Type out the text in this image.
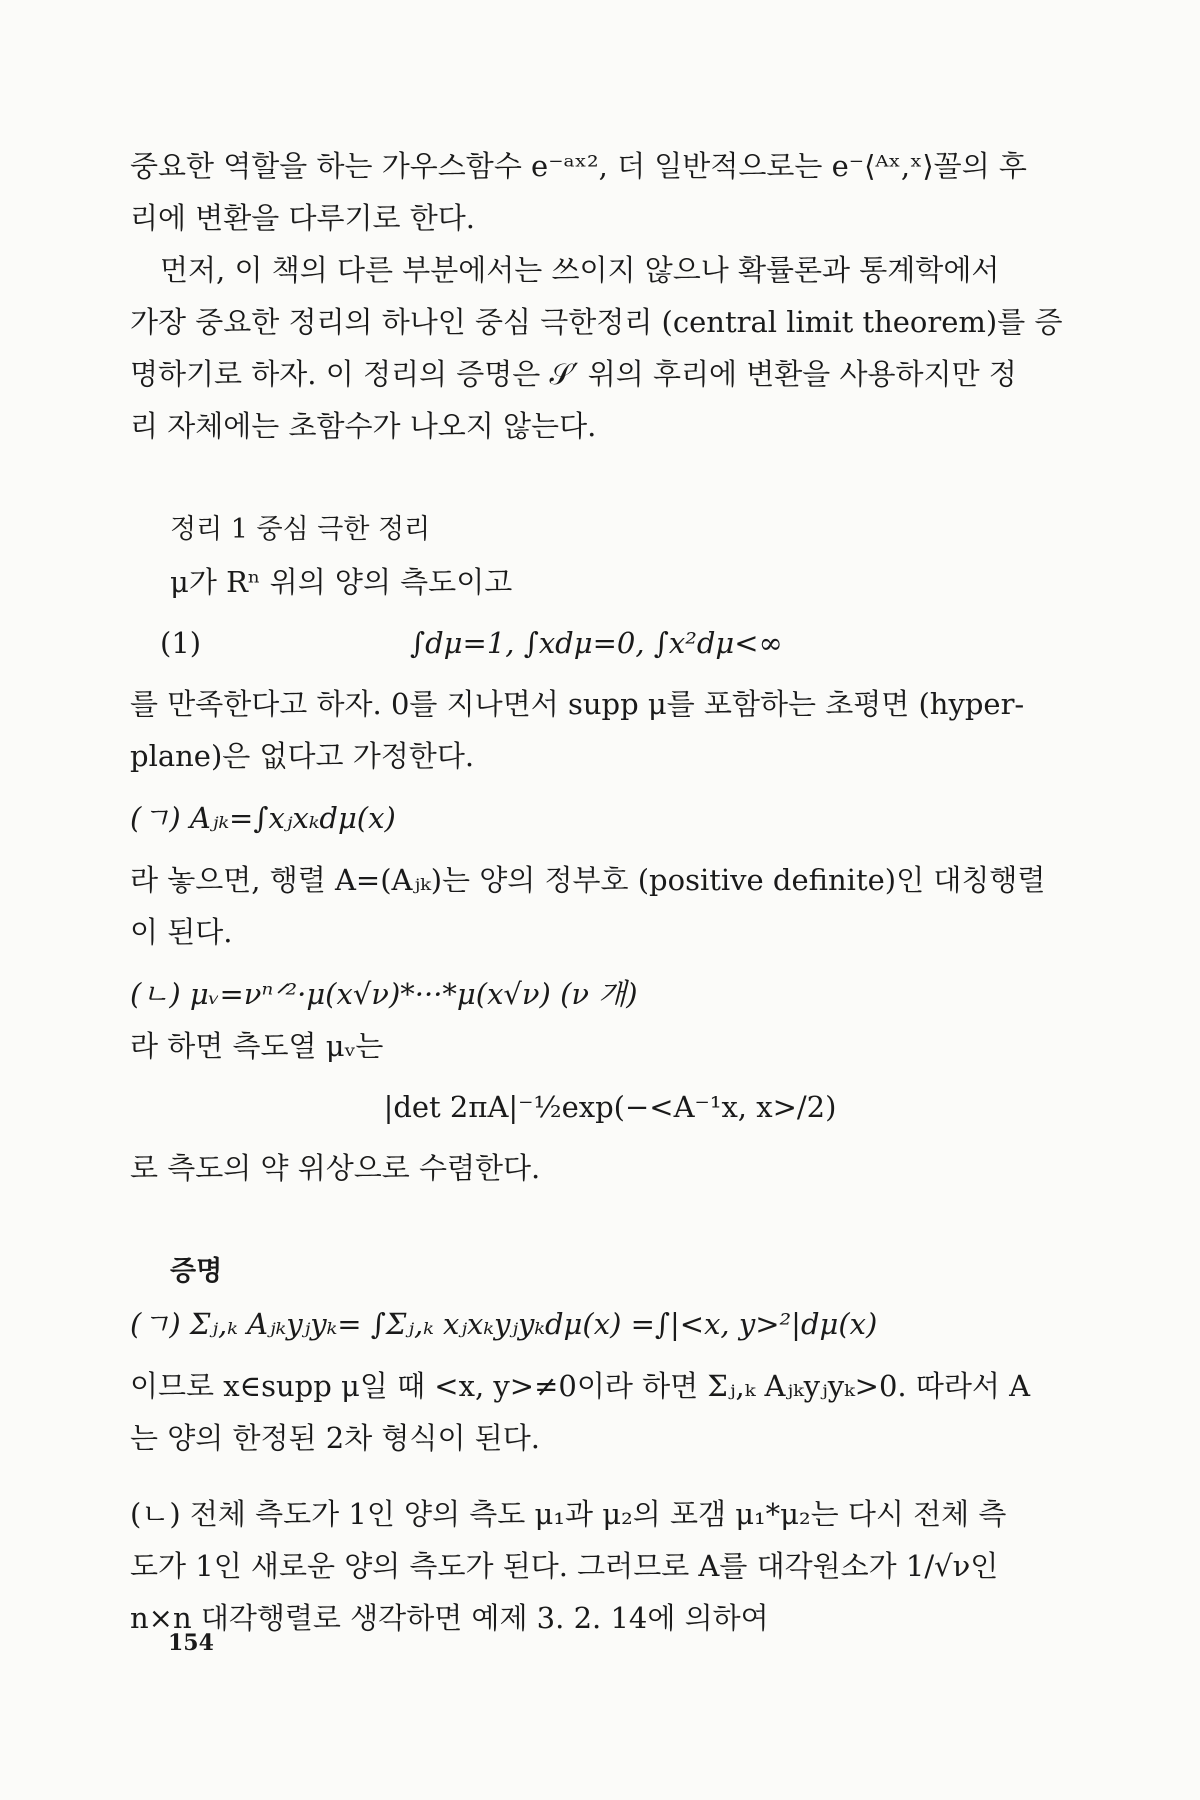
중요한 역할을 하는 가우스함수 e⁻ᵃˣ², 더 일반적으로는 e⁻⟨ᴬˣ,ˣ⟩꼴의 후

리에 변환을 다루기로 한다.

먼저, 이 책의 다른 부분에서는 쓰이지 않으나 확률론과 통계학에서

가장 중요한 정리의 하나인 중심 극한정리 (central limit theorem)를 증

명하기로 하자. 이 정리의 증명은 𝒮′ 위의 후리에 변환을 사용하지만 정

리 자체에는 초함수가 나오지 않는다.

정리 1 중심 극한 정리

μ가 Rⁿ 위의 양의 측도이고

(1)	∫dμ=1, ∫xdμ=0, ∫x²dμ<∞

를 만족한다고 하자. 0를 지나면서 supp μ를 포함하는 초평면 (hyper-

plane)은 없다고 가정한다.

(ㄱ) Aⱼₖ=∫xⱼxₖdμ(x)

라 놓으면, 행렬 A=(Aⱼₖ)는 양의 정부호 (positive definite)인 대칭행렬

이 된다.

(ㄴ) μᵥ=νⁿᐟ²·μ(x√ν)*···*μ(x√ν) (ν 개)

라 하면 측도열 μᵥ는

|det 2πA|⁻½exp(−<A⁻¹x, x>/2)

로 측도의 약 위상으로 수렴한다.

증명

(ㄱ) Σⱼ,ₖ Aⱼₖyⱼyₖ= ∫Σⱼ,ₖ xⱼxₖyⱼyₖdμ(x) =∫|<x, y>²|dμ(x)

이므로 x∈supp μ일 때 <x, y>≠0이라 하면 Σⱼ,ₖ Aⱼₖyⱼyₖ>0. 따라서 A

는 양의 한정된 2차 형식이 된다.

(ㄴ) 전체 측도가 1인 양의 측도 μ₁과 μ₂의 포갬 μ₁*μ₂는 다시 전체 측

도가 1인 새로운 양의 측도가 된다. 그러므로 A를 대각원소가 1/√ν인

n×n 대각행렬로 생각하면 예제 3. 2. 14에 의하여

154
